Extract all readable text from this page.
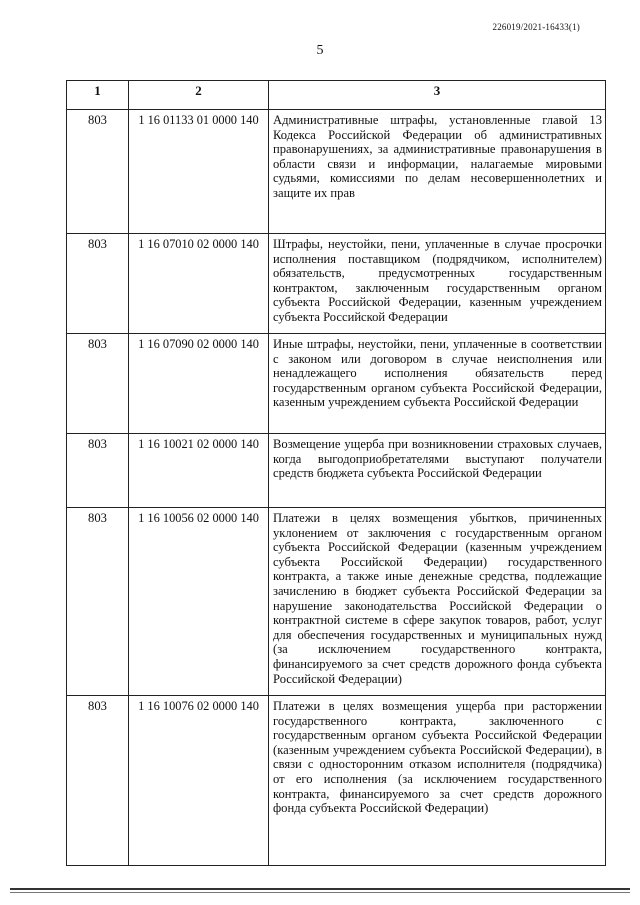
226019/2021-16433(1)
5
1	2	3
803	1 16 01133 01 0000 140	Административные штрафы, установленные главой 13 Кодекса Российской Федерации об административных правонарушениях, за административные правонарушения в области связи и информации, налагаемые мировыми судьями, комиссиями по делам несовершеннолетних и защите их прав
803	1 16 07010 02 0000 140	Штрафы, неустойки, пени, уплаченные в случае просрочки исполнения поставщиком (подрядчиком, исполнителем) обязательств, предусмотренных государственным контрактом, заключенным государственным органом субъекта Российской Федерации, казенным учреждением субъекта Российской Федерации
803	1 16 07090 02 0000 140	Иные штрафы, неустойки, пени, уплаченные в соответствии с законом или договором в случае неисполнения или ненадлежащего исполнения обязательств перед государственным органом субъекта Российской Федерации, казенным учреждением субъекта Российской Федерации
803	1 16 10021 02 0000 140	Возмещение ущерба при возникновении страховых случаев, когда выгодоприобретателями выступают получатели средств бюджета субъекта Российской Федерации
803	1 16 10056 02 0000 140	Платежи в целях возмещения убытков, причиненных уклонением от заключения с государственным органом субъекта Российской Федерации (казенным учреждением субъекта Российской Федерации) государственного контракта, а также иные денежные средства, подлежащие зачислению в бюджет субъекта Российской Федерации за нарушение законодательства Российской Федерации о контрактной системе в сфере закупок товаров, работ, услуг для обеспечения государственных и муниципальных нужд (за исключением государственного контракта, финансируемого за счет средств дорожного фонда субъекта Российской Федерации)
803	1 16 10076 02 0000 140	Платежи в целях возмещения ущерба при расторжении государственного контракта, заключенного с государственным органом субъекта Российской Федерации (казенным учреждением субъекта Российской Федерации), в связи с односторонним отказом исполнителя (подрядчика) от его исполнения (за исключением государственного контракта, финансируемого за счет средств дорожного фонда субъекта Российской Федерации)
